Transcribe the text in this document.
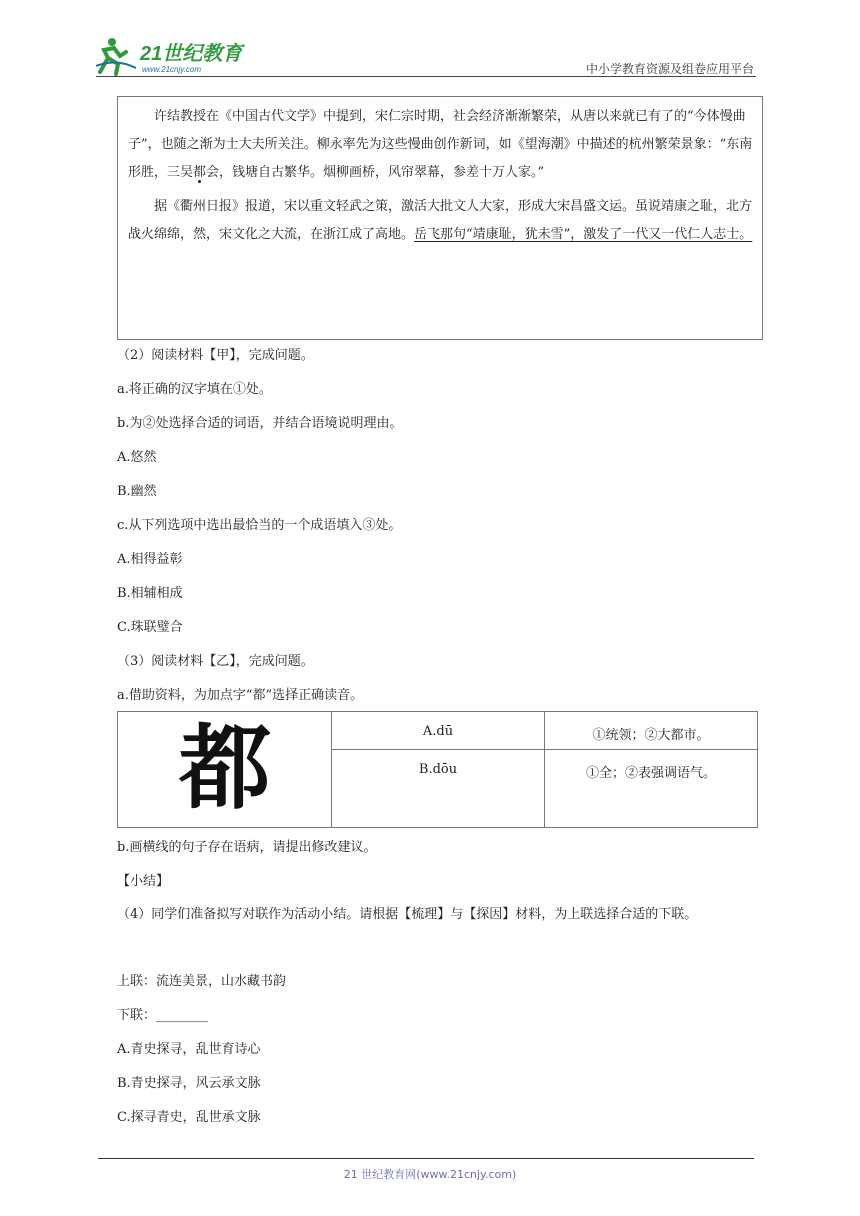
21世纪教育
www.21cnjy.com	中小学教育资源及组卷应用平台

许结教授在《中国古代文学》中提到，宋仁宗时期，社会经济渐渐繁荣，从唐以来就已有了的“今体慢曲子”，也随之渐为士大夫所关注。柳永率先为这些慢曲创作新词，如《望海潮》中描述的杭州繁荣景象：“东南形胜，三吴都会，钱塘自古繁华。烟柳画桥，风帘翠幕，参差十万人家。”

据《衢州日报》报道，宋以重文轻武之策，激活大批文人大家，形成大宋昌盛文运。虽说靖康之耻，北方战火绵绵，然，宋文化之大流，在浙江成了高地。岳飞那句“靖康耻，犹未雪”，激发了一代又一代仁人志士。

（2）阅读材料【甲】，完成问题。
a.将正确的汉字填在①处。
b.为②处选择合适的词语，并结合语境说明理由。
A.悠然
B.幽然
c.从下列选项中选出最恰当的一个成语填入③处。
A.相得益彰
B.相辅相成
C.珠联璧合
（3）阅读材料【乙】，完成问题。
a.借助资料，为加点字“都”选择正确读音。
都	A.dū	①统领；②大都市。
	B.dōu	①全；②表强调语气。
b.画横线的句子存在语病，请提出修改建议。
【小结】
（4）同学们准备拟写对联作为活动小结。请根据【梳理】与【探因】材料，为上联选择合适的下联。
上联：流连美景，山水藏书韵
下联：________
A.青史探寻，乱世育诗心
B.青史探寻，风云承文脉
C.探寻青史，乱世承文脉
21 世纪教育网(www.21cnjy.com)
